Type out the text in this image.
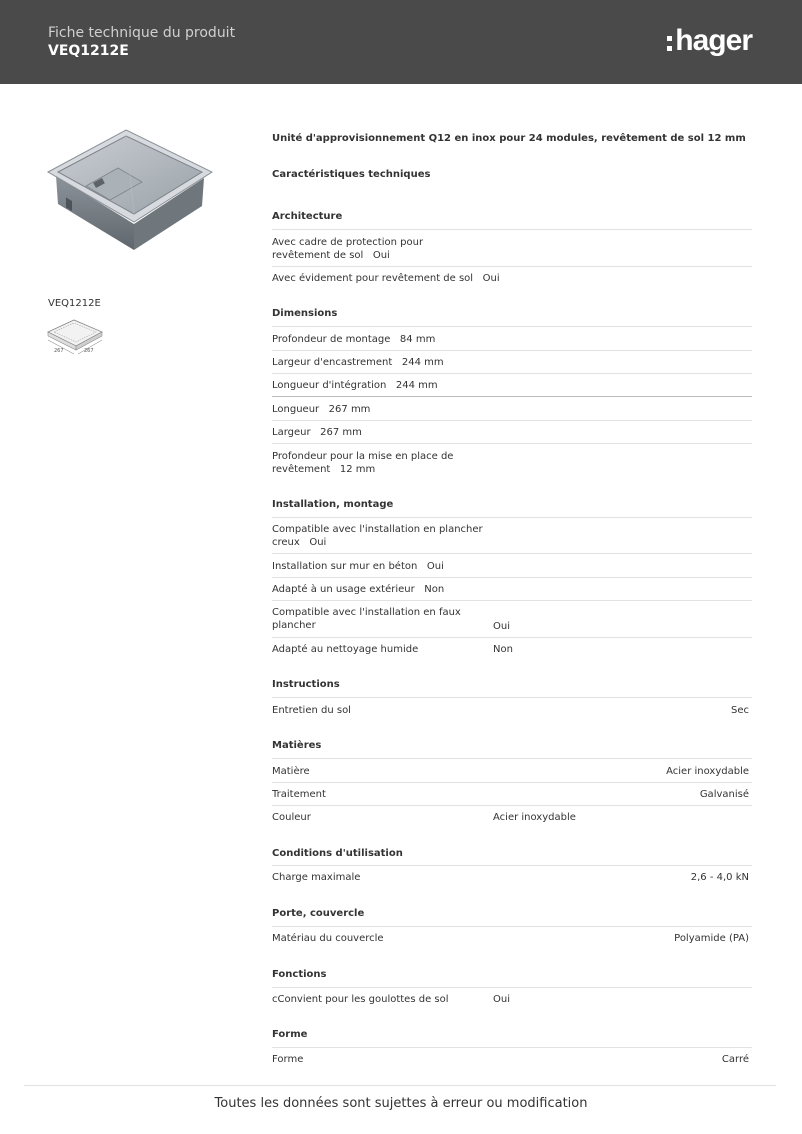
Fiche technique du produit
VEQ1212E	hager
VEQ1212E
267	267
Unité d'approvisionnement Q12 en inox pour 24 modules, revêtement de sol 12 mm
Caractéristiques techniques
Architecture
Avec cadre de protection pour revêtement de sol   Oui
Avec évidement pour revêtement de sol   Oui
Dimensions
Profondeur de montage   84 mm
Largeur d'encastrement   244 mm
Longueur d'intégration   244 mm
Longueur   267 mm
Largeur   267 mm
Profondeur pour la mise en place de revêtement   12 mm
Installation, montage
Compatible avec l'installation en plancher creux   Oui
Installation sur mur en béton   Oui
Adapté à un usage extérieur   Non
Compatible avec l'installation en faux plancher	Oui
Adapté au nettoyage humide	Non
Instructions
Entretien du sol	Sec
Matières
Matière	Acier inoxydable
Traitement	Galvanisé
Couleur	Acier inoxydable
Conditions d'utilisation
Charge maximale	2,6 - 4,0 kN
Porte, couvercle
Matériau du couvercle	Polyamide (PA)
Fonctions
cConvient pour les goulottes de sol	Oui
Forme
Forme	Carré
Toutes les données sont sujettes à erreur ou modification
